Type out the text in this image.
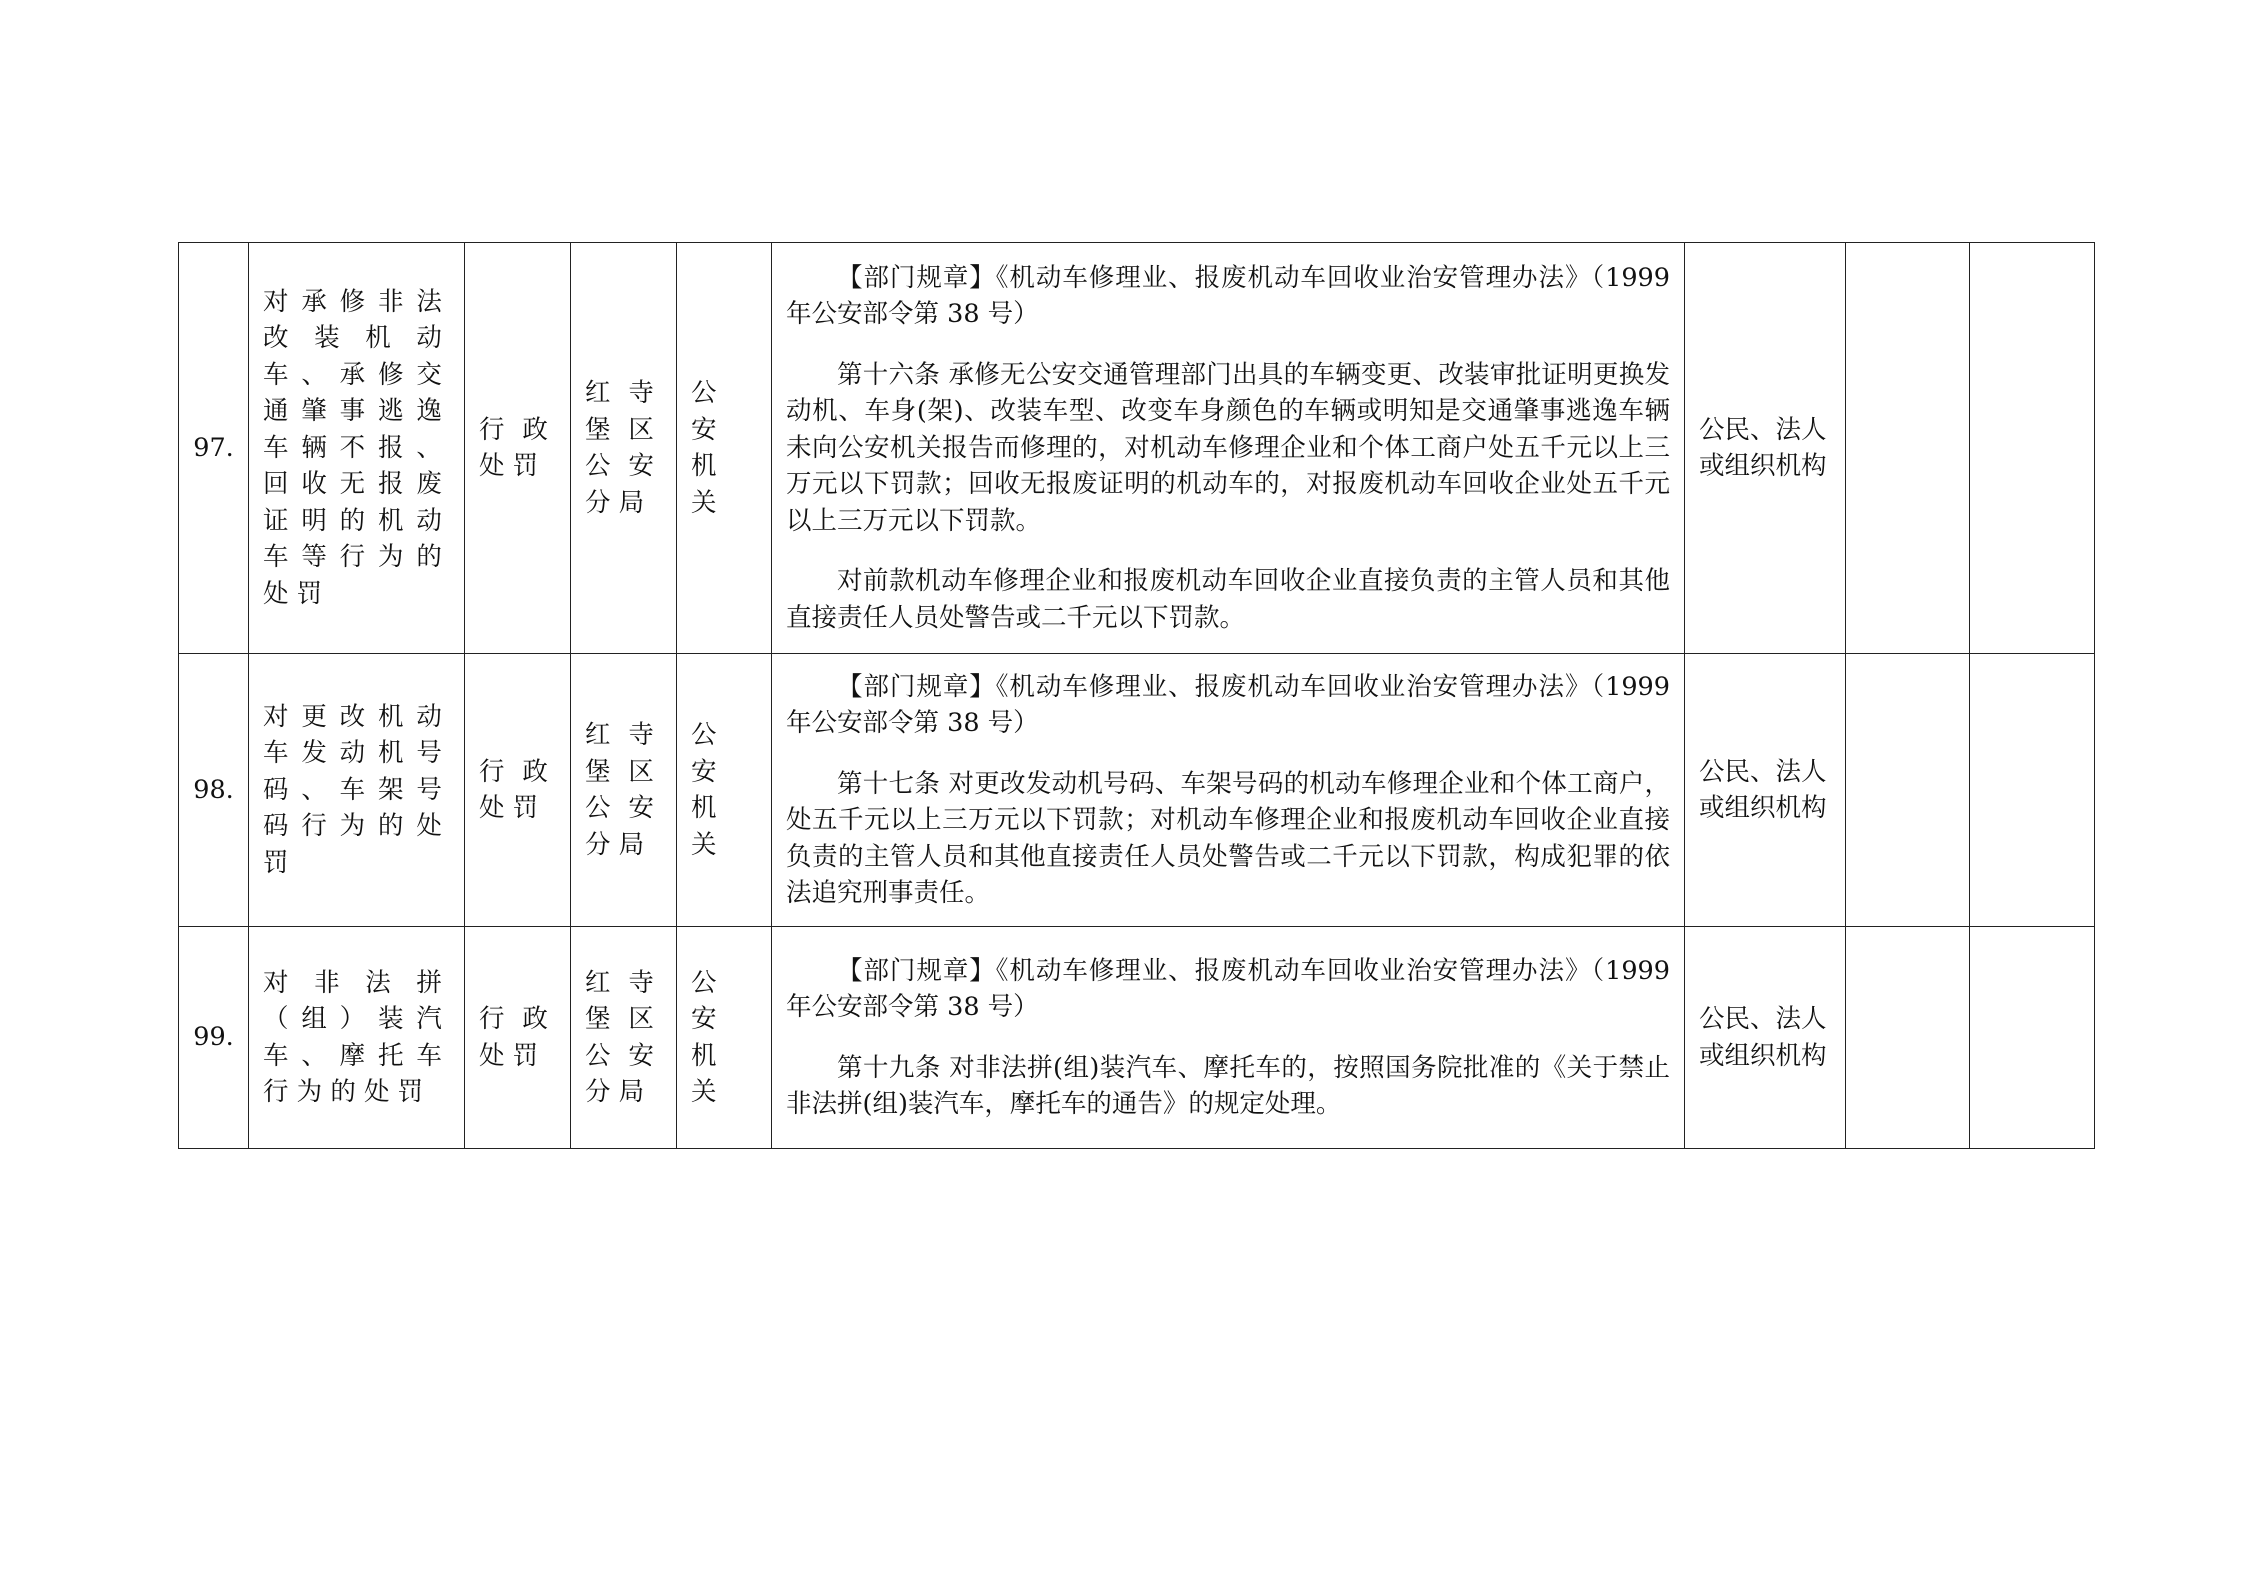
97.	对承修非法改装机动车、承修交通肇事逃逸车辆不报、回收无报废证明的机动车等行为的处罚	行政处罚	红寺堡区公安分局	公安机关	【部门规章】《机动车修理业、报废机动车回收业治安管理办法》（1999 年公安部令第 38 号）

第十六条 承修无公安交通管理部门出具的车辆变更、改装审批证明更换发动机、车身(架)、改装车型、改变车身颜色的车辆或明知是交通肇事逃逸车辆未向公安机关报告而修理的，对机动车修理企业和个体工商户处五千元以上三万元以下罚款；回收无报废证明的机动车的，对报废机动车回收企业处五千元以上三万元以下罚款。

对前款机动车修理企业和报废机动车回收企业直接负责的主管人员和其他直接责任人员处警告或二千元以下罚款。	公民、法人或组织机构		
98.	对更改机动车发动机号码、车架号码行为的处罚	行政处罚	红寺堡区公安分局	公安机关	【部门规章】《机动车修理业、报废机动车回收业治安管理办法》（1999 年公安部令第 38 号）

第十七条 对更改发动机号码、车架号码的机动车修理企业和个体工商户，处五千元以上三万元以下罚款；对机动车修理企业和报废机动车回收企业直接负责的主管人员和其他直接责任人员处警告或二千元以下罚款，构成犯罪的依法追究刑事责任。	公民、法人或组织机构		
99.	对非法拼（组）装汽车、摩托车行为的处罚	行政处罚	红寺堡区公安分局	公安机关	【部门规章】《机动车修理业、报废机动车回收业治安管理办法》（1999 年公安部令第 38 号）

第十九条 对非法拼(组)装汽车、摩托车的，按照国务院批准的《关于禁止非法拼(组)装汽车，摩托车的通告》的规定处理。	公民、法人或组织机构		
